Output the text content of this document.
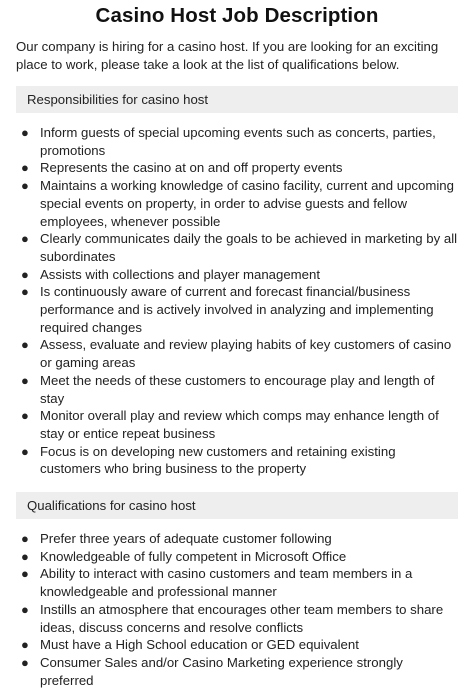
Casino Host Job Description

Our company is hiring for a casino host. If you are looking for an exciting place to work, please take a look at the list of qualifications below.

Responsibilities for casino host
● Inform guests of special upcoming events such as concerts, parties, promotions
● Represents the casino at on and off property events
● Maintains a working knowledge of casino facility, current and upcoming special events on property, in order to advise guests and fellow employees, whenever possible
● Clearly communicates daily the goals to be achieved in marketing by all subordinates
● Assists with collections and player management
● Is continuously aware of current and forecast financial/business performance and is actively involved in analyzing and implementing required changes
● Assess, evaluate and review playing habits of key customers of casino or gaming areas
● Meet the needs of these customers to encourage play and length of stay
● Monitor overall play and review which comps may enhance length of stay or entice repeat business
● Focus is on developing new customers and retaining existing customers who bring business to the property
Qualifications for casino host
● Prefer three years of adequate customer following
● Knowledgeable of fully competent in Microsoft Office
● Ability to interact with casino customers and team members in a knowledgeable and professional manner
● Instills an atmosphere that encourages other team members to share ideas, discuss concerns and resolve conflicts
● Must have a High School education or GED equivalent
● Consumer Sales and/or Casino Marketing experience strongly preferred
